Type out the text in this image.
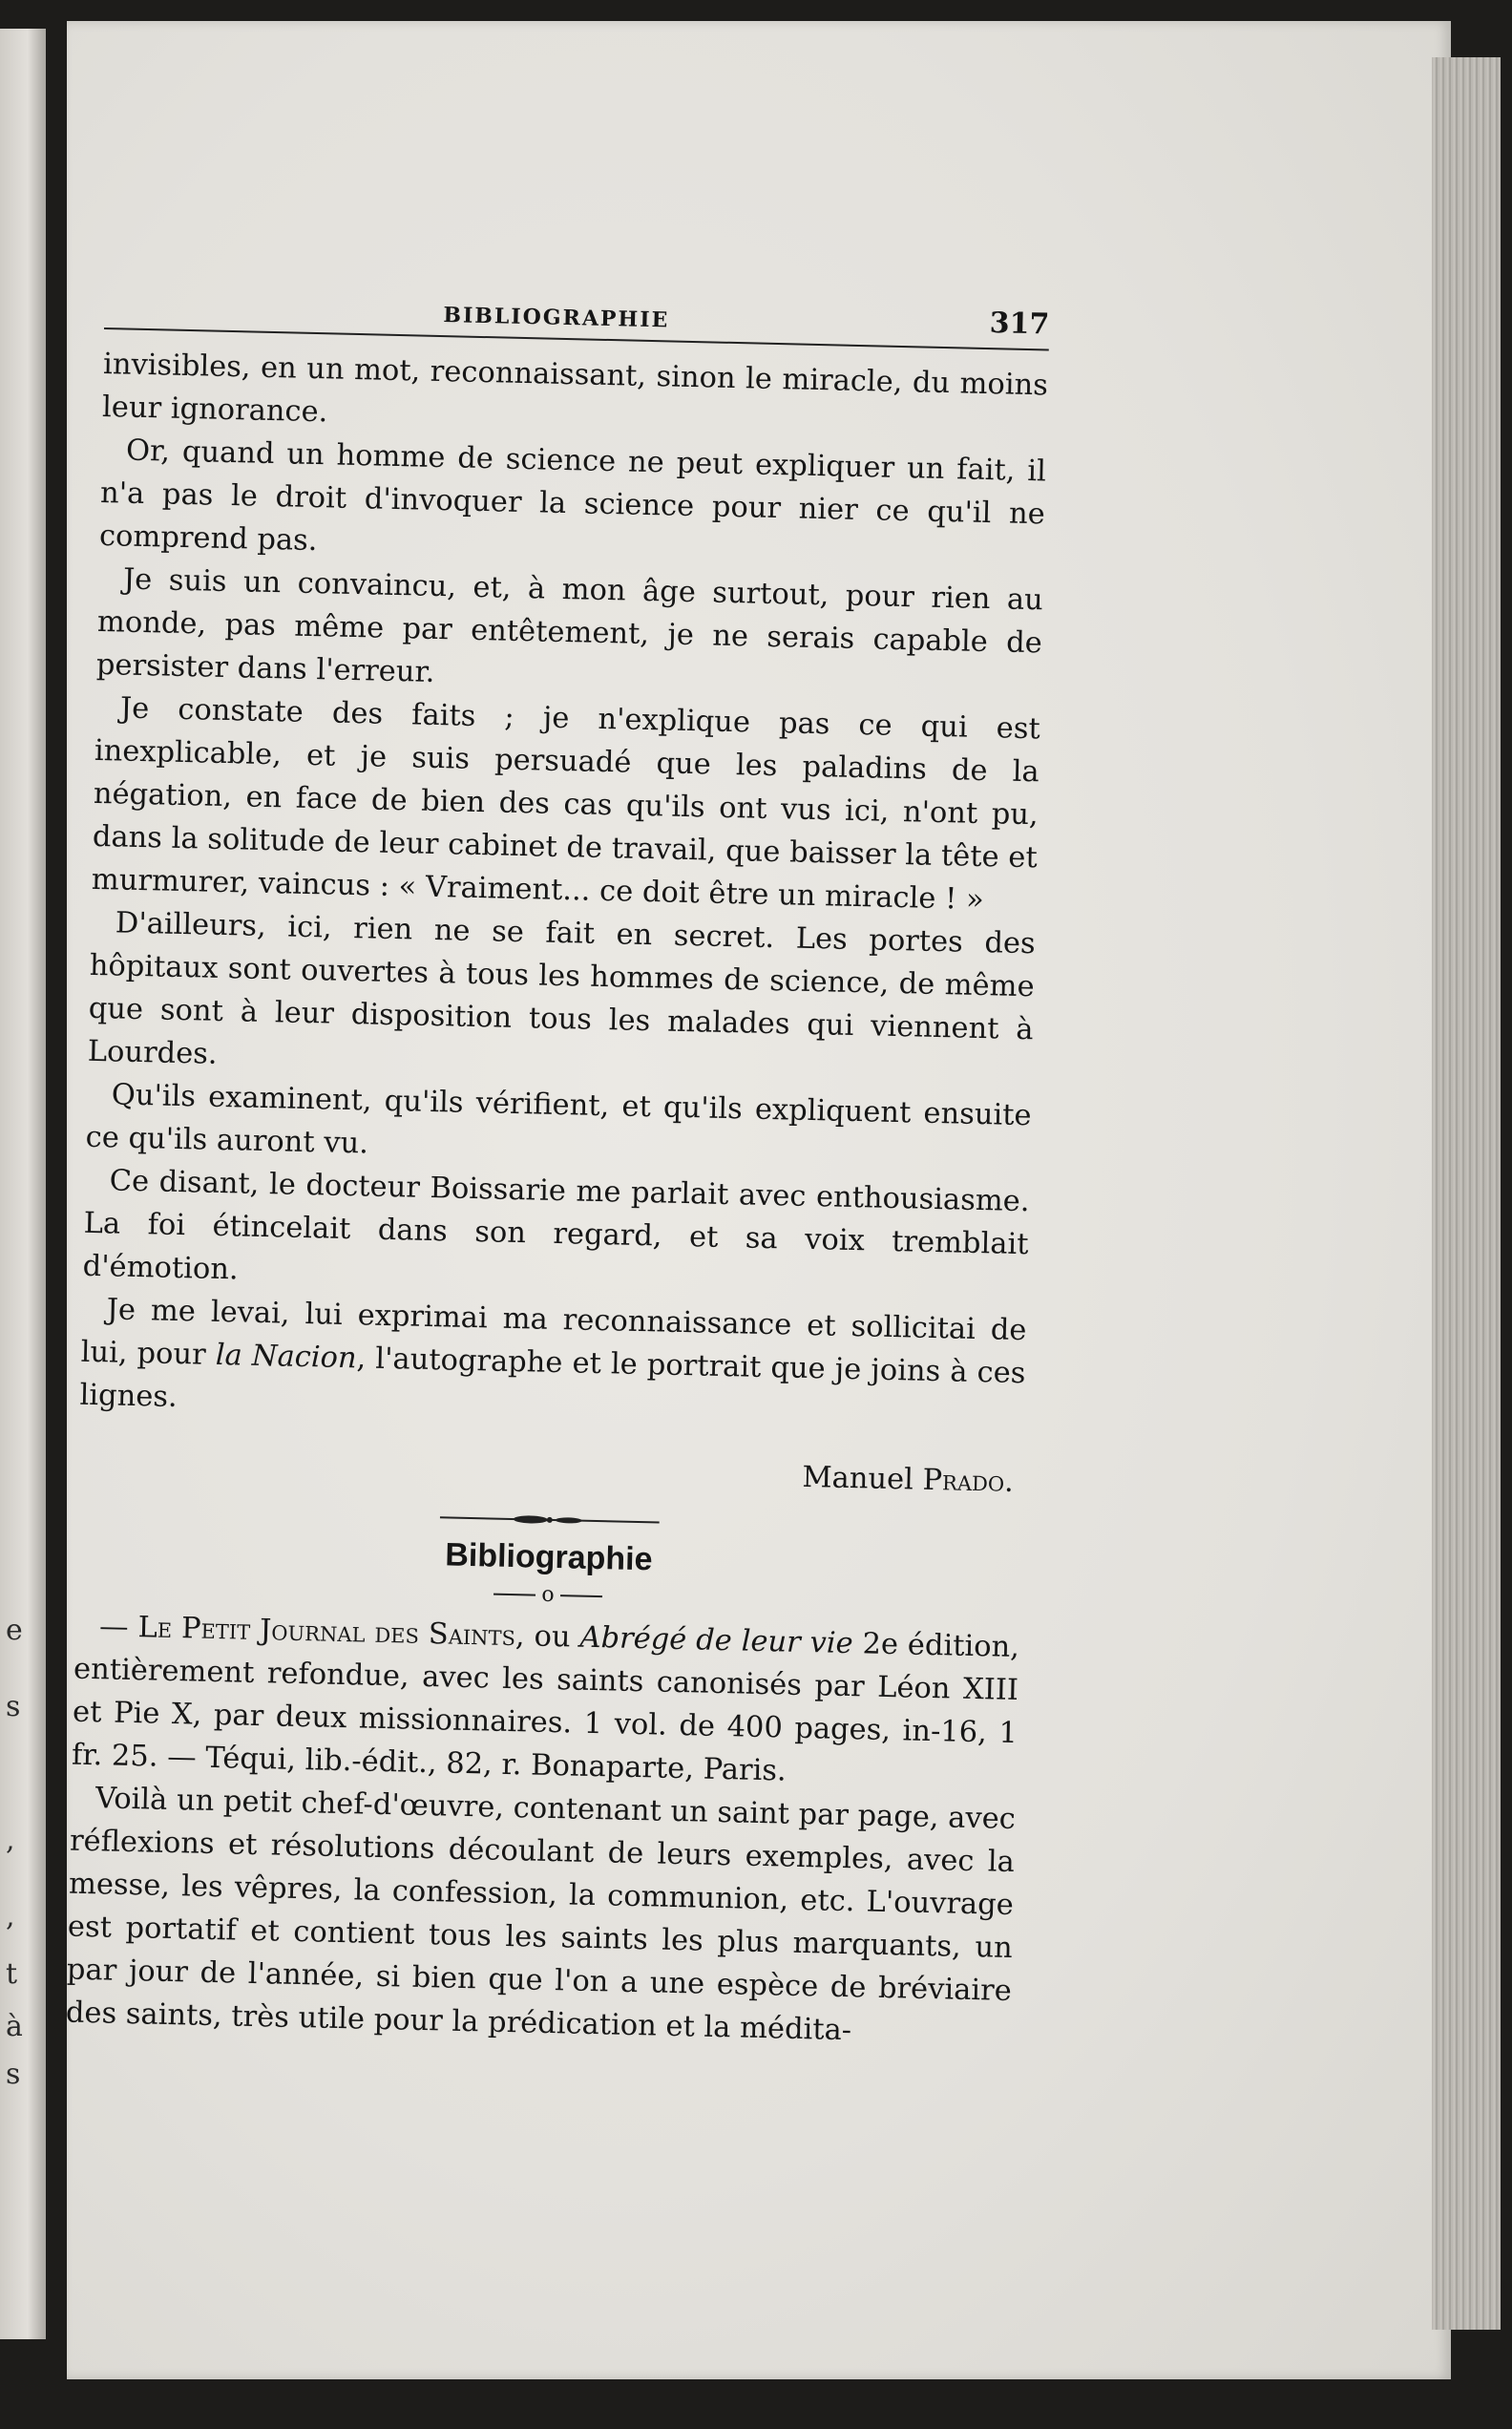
e
s
,
,
t
à
s
BIBLIOGRAPHIE	317

invisibles, en un mot, reconnaissant, sinon le miracle, du moins leur ignorance.

Or, quand un homme de science ne peut expliquer un fait, il n'a pas le droit d'invoquer la science pour nier ce qu'il ne comprend pas.

Je suis un convaincu, et, à mon âge surtout, pour rien au monde, pas même par entêtement, je ne serais capable de persister dans l'erreur.

Je constate des faits ; je n'explique pas ce qui est inexplicable, et je suis persuadé que les paladins de la négation, en face de bien des cas qu'ils ont vus ici, n'ont pu, dans la solitude de leur cabinet de travail, que baisser la tête et murmurer, vaincus : « Vraiment... ce doit être un miracle ! »

D'ailleurs, ici, rien ne se fait en secret. Les portes des hôpitaux sont ouvertes à tous les hommes de science, de même que sont à leur disposition tous les malades qui viennent à Lourdes.

Qu'ils examinent, qu'ils vérifient, et qu'ils expliquent ensuite ce qu'ils auront vu.

Ce disant, le docteur Boissarie me parlait avec enthousiasme. La foi étincelait dans son regard, et sa voix tremblait d'émotion.

Je me levai, lui exprimai ma reconnaissance et sollicitai de lui, pour la Nacion, l'autographe et le portrait que je joins à ces lignes.

Manuel Prado.
Bibliographie
o

— Le Petit Journal des Saints, ou Abrégé de leur vie 2e édition, entièrement refondue, avec les saints canonisés par Léon XIII et Pie X, par deux missionnaires. 1 vol. de 400 pages, in-16, 1 fr. 25. — Téqui, lib.-édit., 82, r. Bonaparte, Paris.

Voilà un petit chef-d'œuvre, contenant un saint par page, avec réflexions et résolutions découlant de leurs exemples, avec la messe, les vêpres, la confession, la communion, etc. L'ouvrage est portatif et contient tous les saints les plus marquants, un par jour de l'année, si bien que l'on a une espèce de bréviaire des saints, très utile pour la prédication et la médita-
